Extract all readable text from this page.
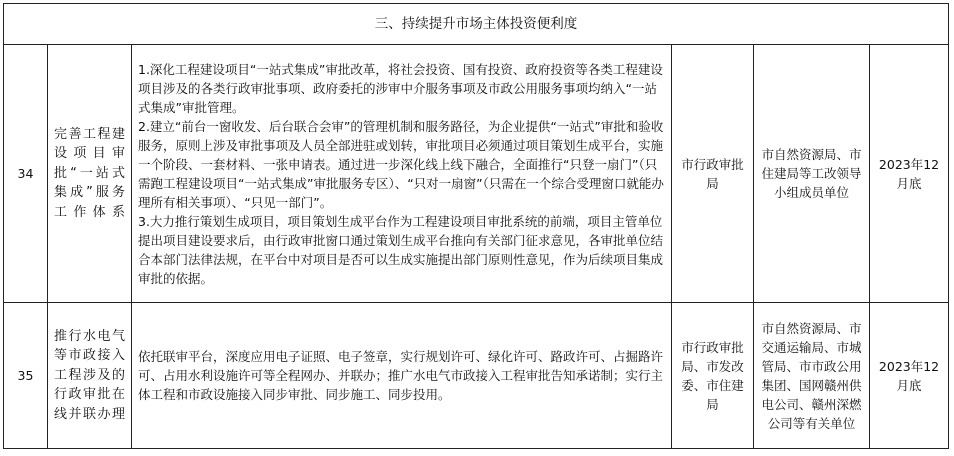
三、持续提升市场主体投资便利度					
34	完善工程建设项目审批“一站式集成”服务工作体系	1.深化工程建设项目“一站式集成”审批改革，将社会投资、国有投资、政府投资等各类工程建设项目涉及的各类行政审批事项、政府委托的涉审中介服务事项及市政公用服务事项均纳入“一站式集成”审批管理。

2.建立“前台一窗收发、后台联合会审”的管理机制和服务路径，为企业提供“一站式”审批和验收服务，原则上涉及审批事项及人员全部进驻或划转，审批项目必须通过项目策划生成平台，实施一个阶段、一套材料、一张申请表。通过进一步深化线上线下融合，全面推行“只登一扇门”（只需跑工程建设项目“一站式集成”审批服务专区）、“只对一扇窗”（只需在一个综合受理窗口就能办理所有相关事项）、“只见一部门”。

3.大力推行策划生成项目，项目策划生成平台作为工程建设项目审批系统的前端，项目主管单位提出项目建设要求后，由行政审批窗口通过策划生成平台推向有关部门征求意见，各审批单位结合本部门法律法规，在平台中对项目是否可以生成实施提出部门原则性意见，作为后续项目集成审批的依据。	市行政审批局	市自然资源局、市住建局等工改领导小组成员单位	2023年12月底
35	推行水电气等市政接入工程涉及的行政审批在线并联办理	依托联审平台，深度应用电子证照、电子签章，实行规划许可、绿化许可、路政许可、占掘路许可、占用水利设施许可等全程网办、并联办；推广水电气市政接入工程审批告知承诺制；实行主体工程和市政设施接入同步审批、同步施工、同步投用。	市行政审批局、市发改委、市住建局	市自然资源局、市交通运输局、市城管局、市市政公用集团、国网赣州供电公司、赣州深燃公司等有关单位	2023年12月底
